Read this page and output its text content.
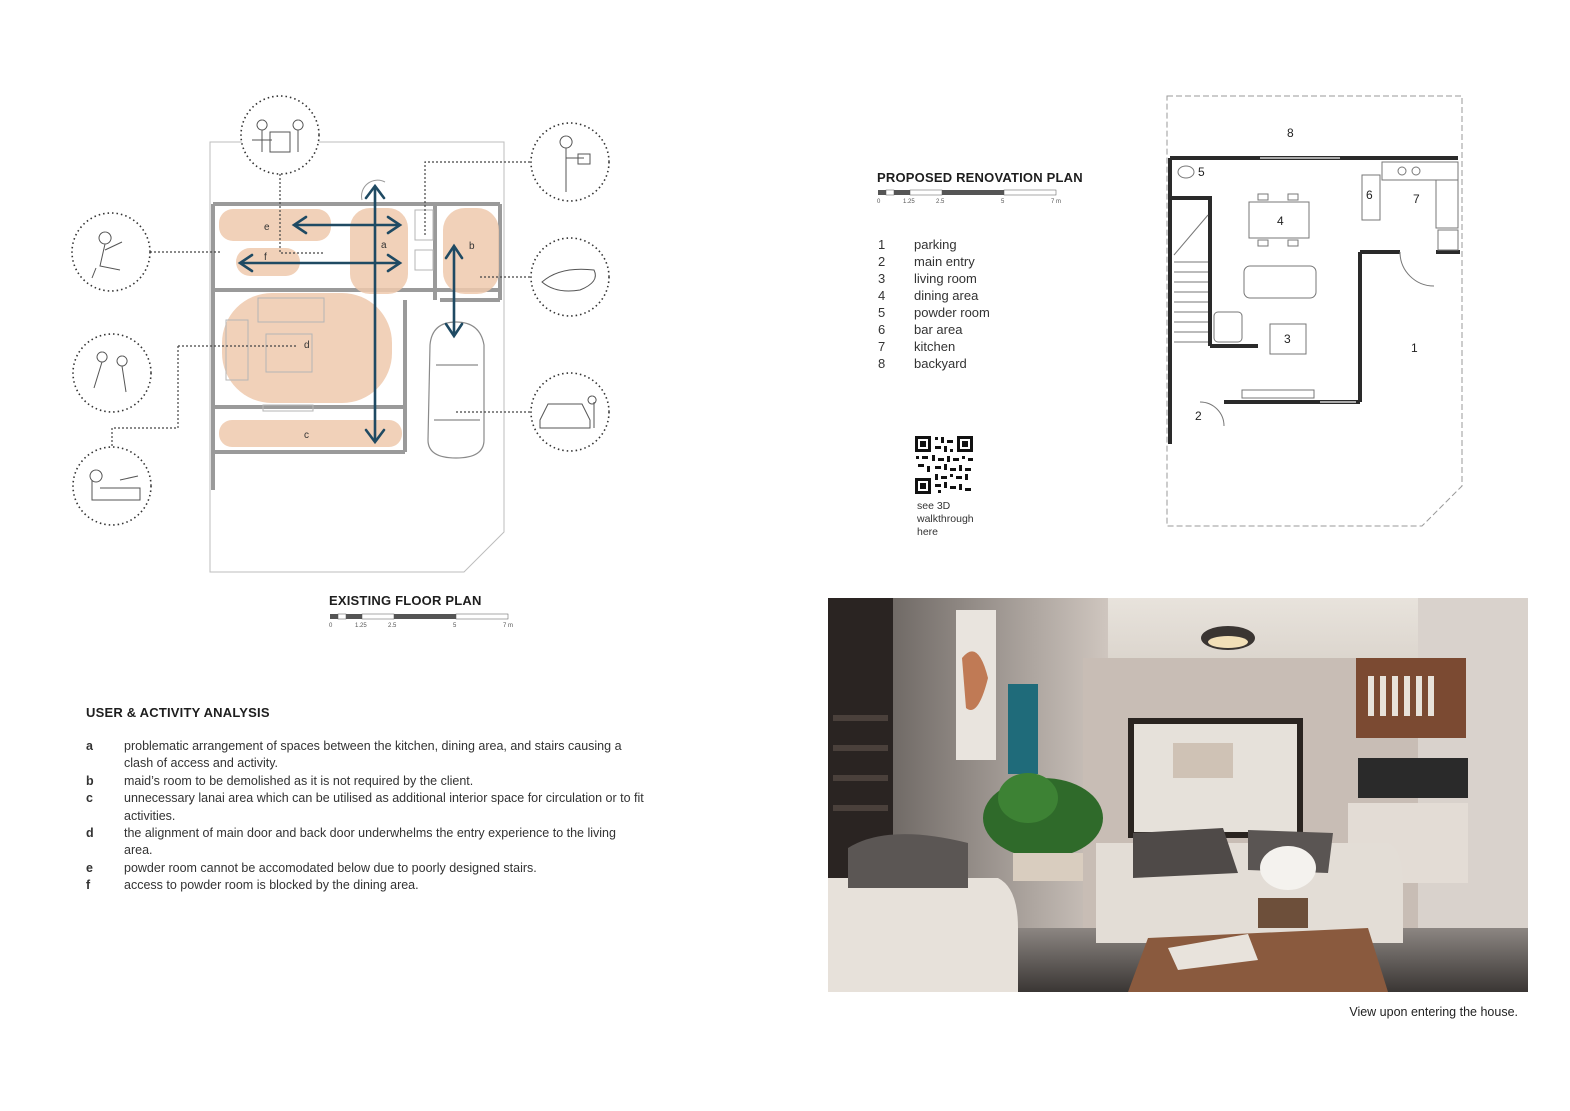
e
f
a	b
d
c
0	1.25	2.5	5	7 m
EXISTING FLOOR PLAN
PROPOSED RENOVATION PLAN
0	1.25	2.5	5	7 m
1
2
3
4
5
6	7
8
1	parking
2	main entry
3	living room
4	dining area
5	powder room
6	bar area
7	kitchen
8	backyard
see 3D
walkthrough
here
USER & ACTIVITY ANALYSIS
a problematic arrangement of spaces between the kitchen, dining area, and stairs causing a clash of access and activity.
b maid’s room to be demolished as it is not required by the client.
c unnecessary lanai area which can be utilised as additional interior space for circulation or to fit activities.
d the alignment of main door and back door underwhelms the entry experience to the living area.
e powder room cannot be accomodated below due to poorly designed stairs.
f	access to powder room is blocked by the dining area.
View upon entering the house.
